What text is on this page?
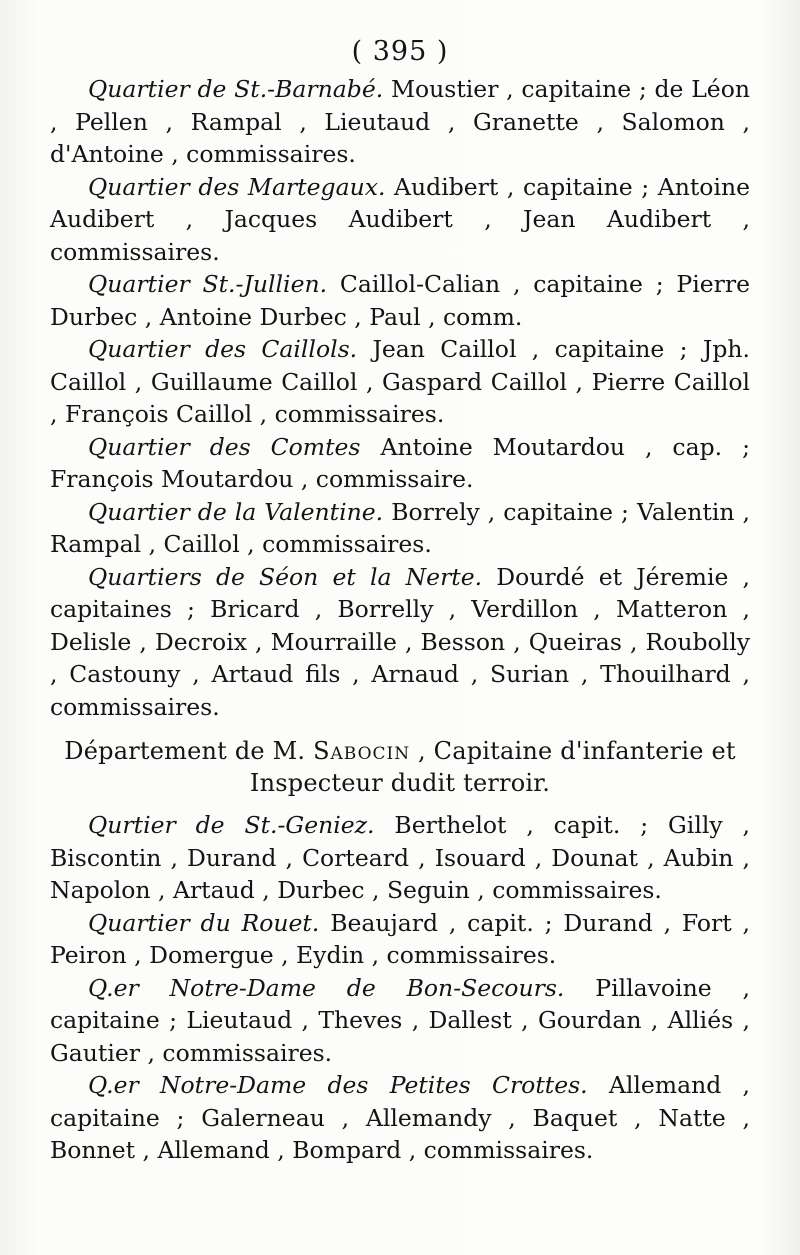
( 395 )

Quartier de St.-Barnabé. Moustier , capitaine ; de Léon , Pellen , Rampal , Lieutaud , Granette , Salomon , d'Antoine , commissaires.

Quartier des Martegaux. Audibert , capitaine ; Antoine Audibert , Jacques Audibert , Jean Audibert , commissaires.

Quartier St.-Jullien. Caillol-Calian , capitaine ; Pierre Durbec , Antoine Durbec , Paul , comm.

Quartier des Caillols. Jean Caillol , capitaine ; Jph. Caillol , Guillaume Caillol , Gaspard Caillol , Pierre Caillol , François Caillol , commissaires.

Quartier des Comtes Antoine Moutardou , cap. ; François Moutardou , commissaire.

Quartier de la Valentine. Borrely , capitaine ; Valentin , Rampal , Caillol , commissaires.

Quartiers de Séon et la Nerte. Dourdé et Jéremie , capitaines ; Bricard , Borrelly , Verdillon , Matteron , Delisle , Decroix , Mourraille , Besson , Queiras , Roubolly , Castouny , Artaud fils , Arnaud , Surian , Thouilhard , commissaires.

Département de M. Sabocin , Capitaine d'infanterie et Inspecteur dudit terroir.

Qurtier de St.-Geniez. Berthelot , capit. ; Gilly , Biscontin , Durand , Corteard , Isouard , Dounat , Aubin , Napolon , Artaud , Durbec , Seguin , commissaires.

Quartier du Rouet. Beaujard , capit. ; Durand , Fort , Peiron , Domergue , Eydin , commissaires.

Q.er Notre-Dame de Bon-Secours. Pillavoine , capitaine ; Lieutaud , Theves , Dallest , Gourdan , Alliés , Gautier , commissaires.

Q.er Notre-Dame des Petites Crottes. Allemand , capitaine ; Galerneau , Allemandy , Baquet , Natte , Bonnet , Allemand , Bompard , commissaires.
